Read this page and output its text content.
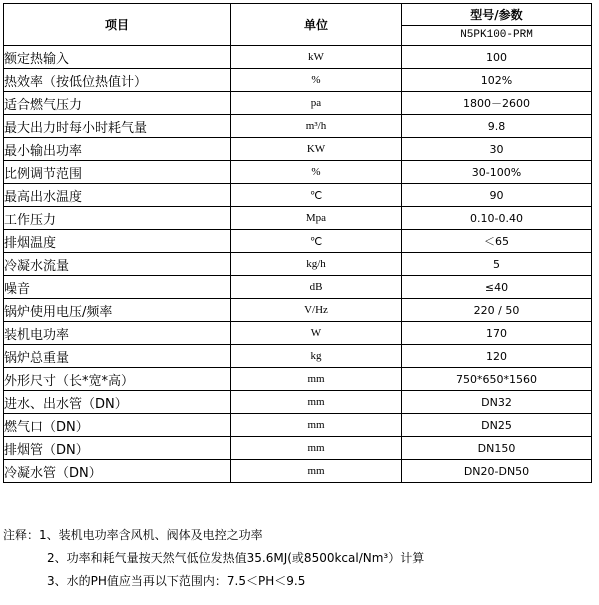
项目	单位	型号/参数
		N5PK100-PRM
额定热输入	kW	100
热效率（按低位热值计）	%	102%
适合燃气压力	pa	1800－2600
最大出力时每小时耗气量	m³/h	9.8
最小输出功率	KW	30
比例调节范围	%	30-100%
最高出水温度	℃	90
工作压力	Mpa	0.10-0.40
排烟温度	℃	＜65
冷凝水流量	kg/h	5
噪音	dB	≤40
锅炉使用电压/频率	V/Hz	220 / 50
装机电功率	W	170
锅炉总重量	kg	120
外形尺寸（长*宽*高）	mm	750*650*1560
进水、出水管（DN）	mm	DN32
燃气口（DN）	mm	DN25
排烟管（DN）	mm	DN150
冷凝水管（DN）	mm	DN20-DN50
注释：1、装机电功率含风机、阀体及电控之功率
2、功率和耗气量按天然气低位发热值35.6MJ(或8500kcal/Nm³）计算
3、水的PH值应当再以下范围内：7.5＜PH＜9.5
